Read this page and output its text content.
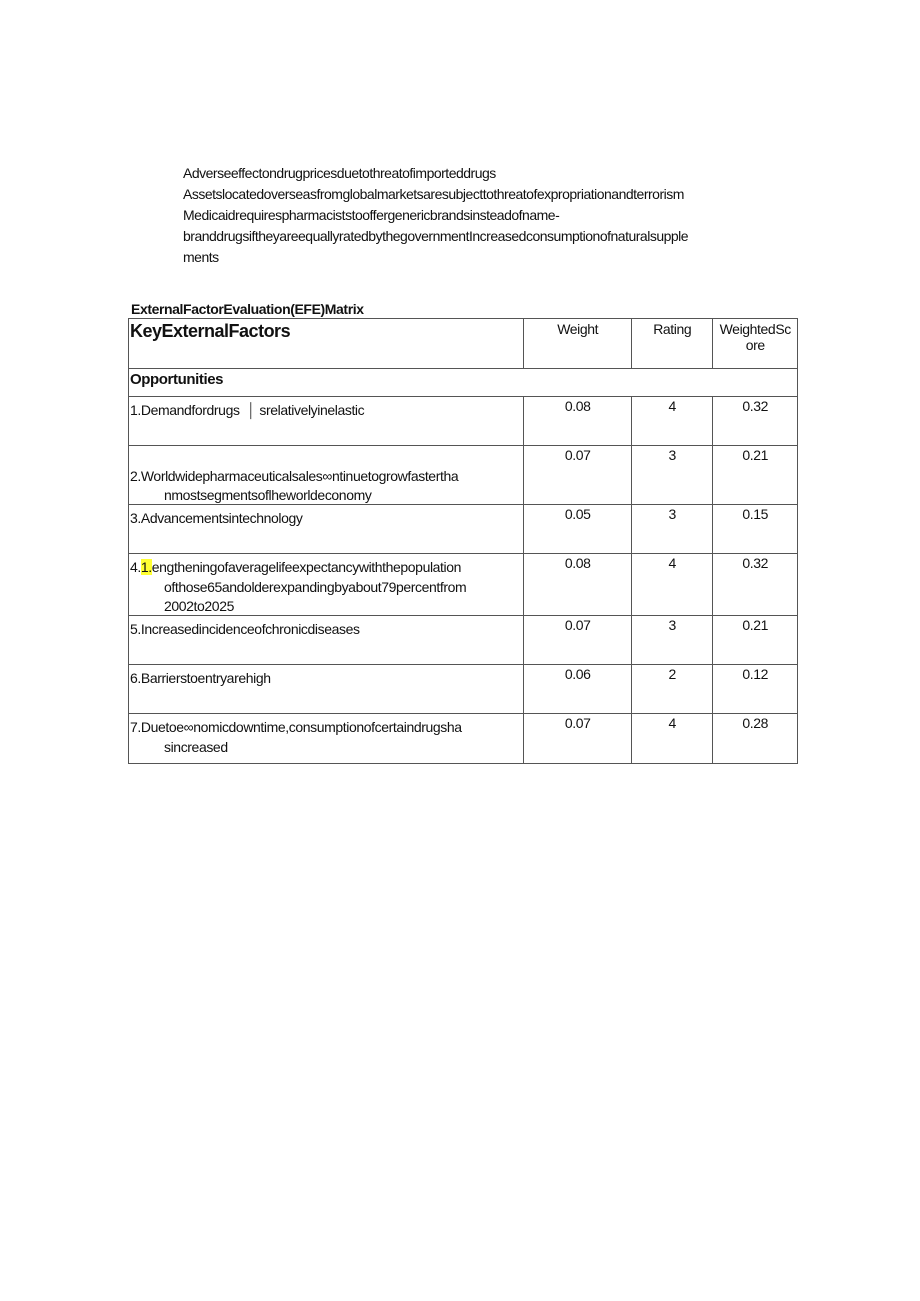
Adverseeffectondrugpricesduetothreatofimporteddrugs

Assetslocatedoverseasfromglobalmarketsaresubjecttothreatofexpropriationandterrorism

Medicaidrequirespharmaciststooffergenericbrandsinsteadofname-

branddrugsiftheyareequallyratedbythegovernmentIncreasedconsumptionofnaturalsupple

ments

ExternalFactorEvaluation(EFE)Matrix

KeyExternalFactors	Weight	Rating	WeightedSc
ore
Opportunities			
1.Demandfordrugs │ srelativelyinelastic	0.08	4	0.32
2.Worldwidepharmaceuticalsales∞ntinuetogrowfastertha
nmostsegmentsoflheworldeconomy	0.07	3	0.21
3.Advancementsintechnology	0.05	3	0.15
4.1.engtheningofaveragelifeexpectancywiththepopulation
ofthose65andolderexpandingbyabout79percentfrom
2002to2025	0.08	4	0.32
5.Increasedincidenceofchronicdiseases	0.07	3	0.21
6.Barrierstoentryarehigh	0.06	2	0.12
7.Duetoe∞nomicdowntime,consumptionofcertaindrugsha
sincreased	0.07	4	0.28
